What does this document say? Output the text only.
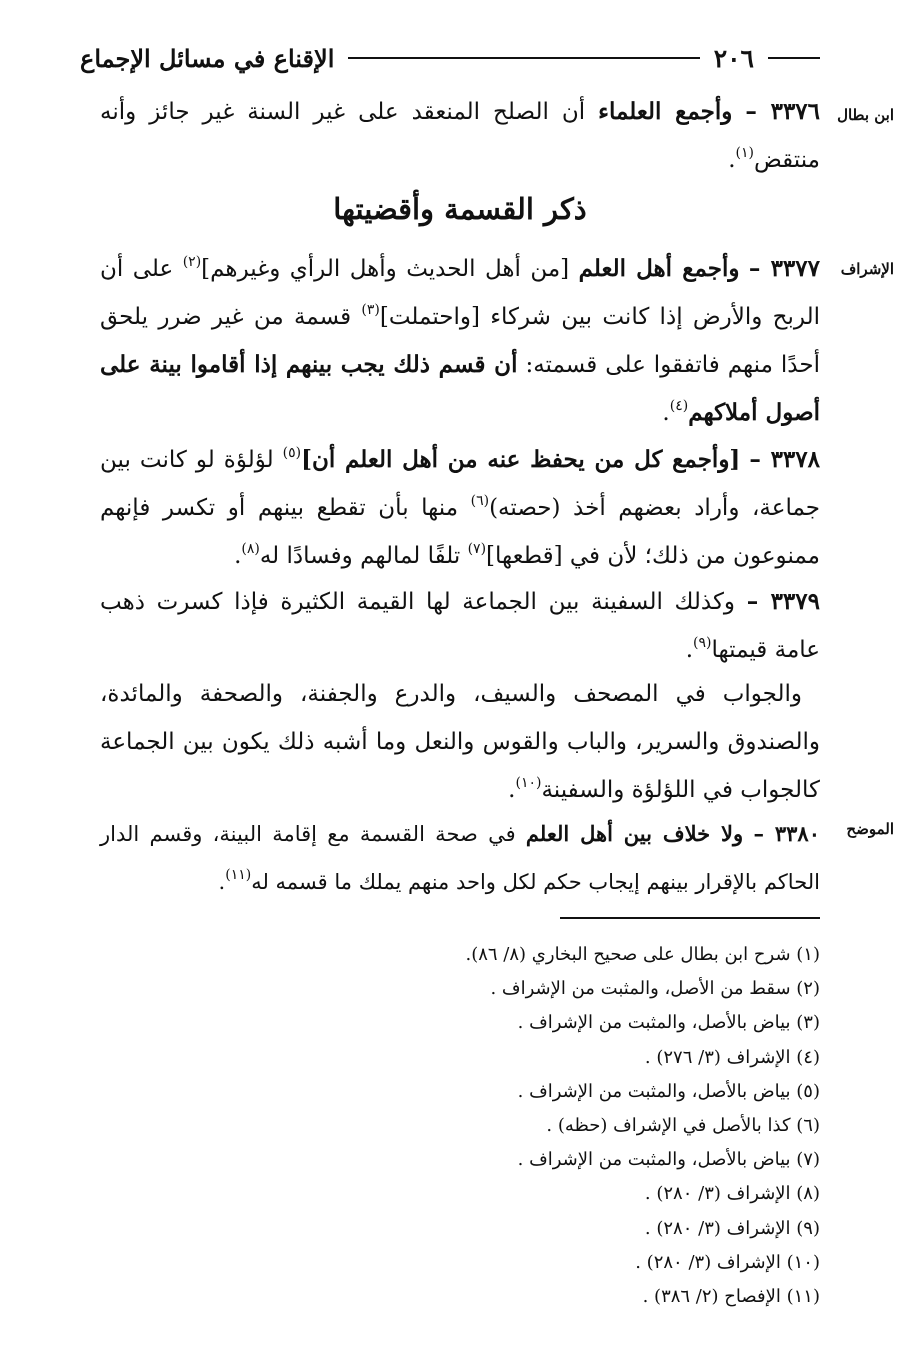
٢٠٦
الإقناع في مسائل الإجماع
ابن بطال
الإشراف
الموضح

٣٣٧٦ – وأجمع العلماء أن الصلح المنعقد على غير السنة غير جائز وأنه منتقض$^{(١)}$.

ذكر القسمة وأقضيتها

٣٣٧٧ – وأجمع أهل العلم [من أهل الحديث وأهل الرأي وغيرهم]$^{(٢)}$ على أن الربح والأرض إذا كانت بين شركاء [واحتملت]$^{(٣)}$ قسمة من غير ضرر يلحق أحدًا منهم فاتفقوا على قسمته: أن قسم ذلك يجب بينهم إذا أقاموا بينة على أصول أملاكهم$^{(٤)}$.

٣٣٧٨ – [وأجمع كل من يحفظ عنه من أهل العلم أن]$^{(٥)}$ لؤلؤة لو كانت بين جماعة، وأراد بعضهم أخذ (حصته)$^{(٦)}$ منها بأن تقطع بينهم أو تكسر فإنهم ممنوعون من ذلك؛ لأن في [قطعها]$^{(٧)}$ تلفًا لمالهم وفسادًا له$^{(٨)}$.

٣٣٧٩ – وكذلك السفينة بين الجماعة لها القيمة الكثيرة فإذا كسرت ذهب عامة قيمتها$^{(٩)}$.

والجواب في المصحف والسيف، والدرع والجفنة، والصحفة والمائدة، والصندوق والسرير، والباب والقوس والنعل وما أشبه ذلك يكون بين الجماعة كالجواب في اللؤلؤة والسفينة$^{(١٠)}$.

٣٣٨٠ – ولا خلاف بين أهل العلم في صحة القسمة مع إقامة البينة، وقسم الدار الحاكم بالإقرار بينهم إيجاب حكم لكل واحد منهم يملك ما قسمه له$^{(١١)}$.

(١) شرح ابن بطال على صحيح البخاري (٨/ ٨٦).
(٢) سقط من الأصل، والمثبت من الإشراف .
(٣) بياض بالأصل، والمثبت من الإشراف .
(٤) الإشراف (٣/ ٢٧٦) .
(٥) بياض بالأصل، والمثبت من الإشراف .
(٦) كذا بالأصل في الإشراف (حظه) .
(٧) بياض بالأصل، والمثبت من الإشراف .
(٨) الإشراف (٣/ ٢٨٠) .
(٩) الإشراف (٣/ ٢٨٠) .
(١٠) الإشراف (٣/ ٢٨٠) .
(١١) الإفصاح (٢/ ٣٨٦) .
